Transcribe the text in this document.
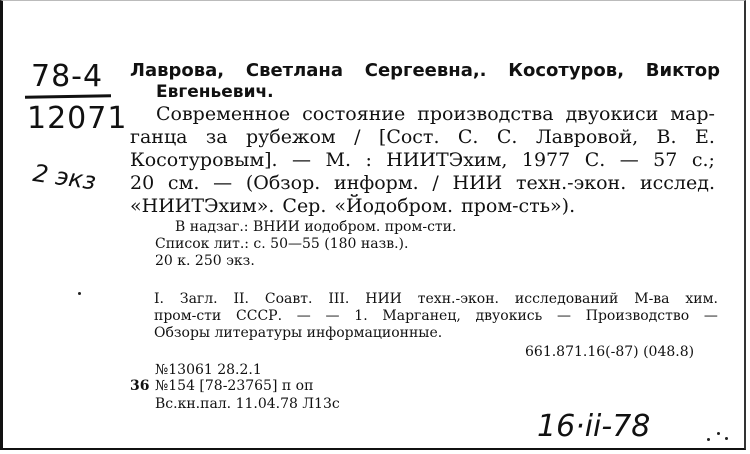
78-4
12071
2 экз
16·ii-78
Лаврова, Светлана Сергеевна,. Косотуров, Виктор
Евгеньевич.
Современное состояние производства двуокиси мар-
ганца за рубежом / [Сост. С. С. Лавровой, В. Е.
Косотуровым]. — М. : НИИТЭхим, 1977 С. — 57 с.;
20 см. — (Обзор. информ. / НИИ техн.-экон. исслед.
«НИИТЭхим». Сер. «Йодобром. пром-сть»).
В надзаг.: ВНИИ иодобром. пром-сти.
Список лит.: с. 50—55 (180 назв.).
20 к. 250 экз.
I. Загл. II. Соавт. III. НИИ техн.-экон. исследований М-ва хим.
пром-сти СССР. — — 1. Марганец, двуокись — Производство —
Обзоры литературы информационные.
661.871.16(-87) (048.8)
№13061 28.2.1
36 №154 [78-23765] п оп
Вс.кн.пал. 11.04.78 Л13с
